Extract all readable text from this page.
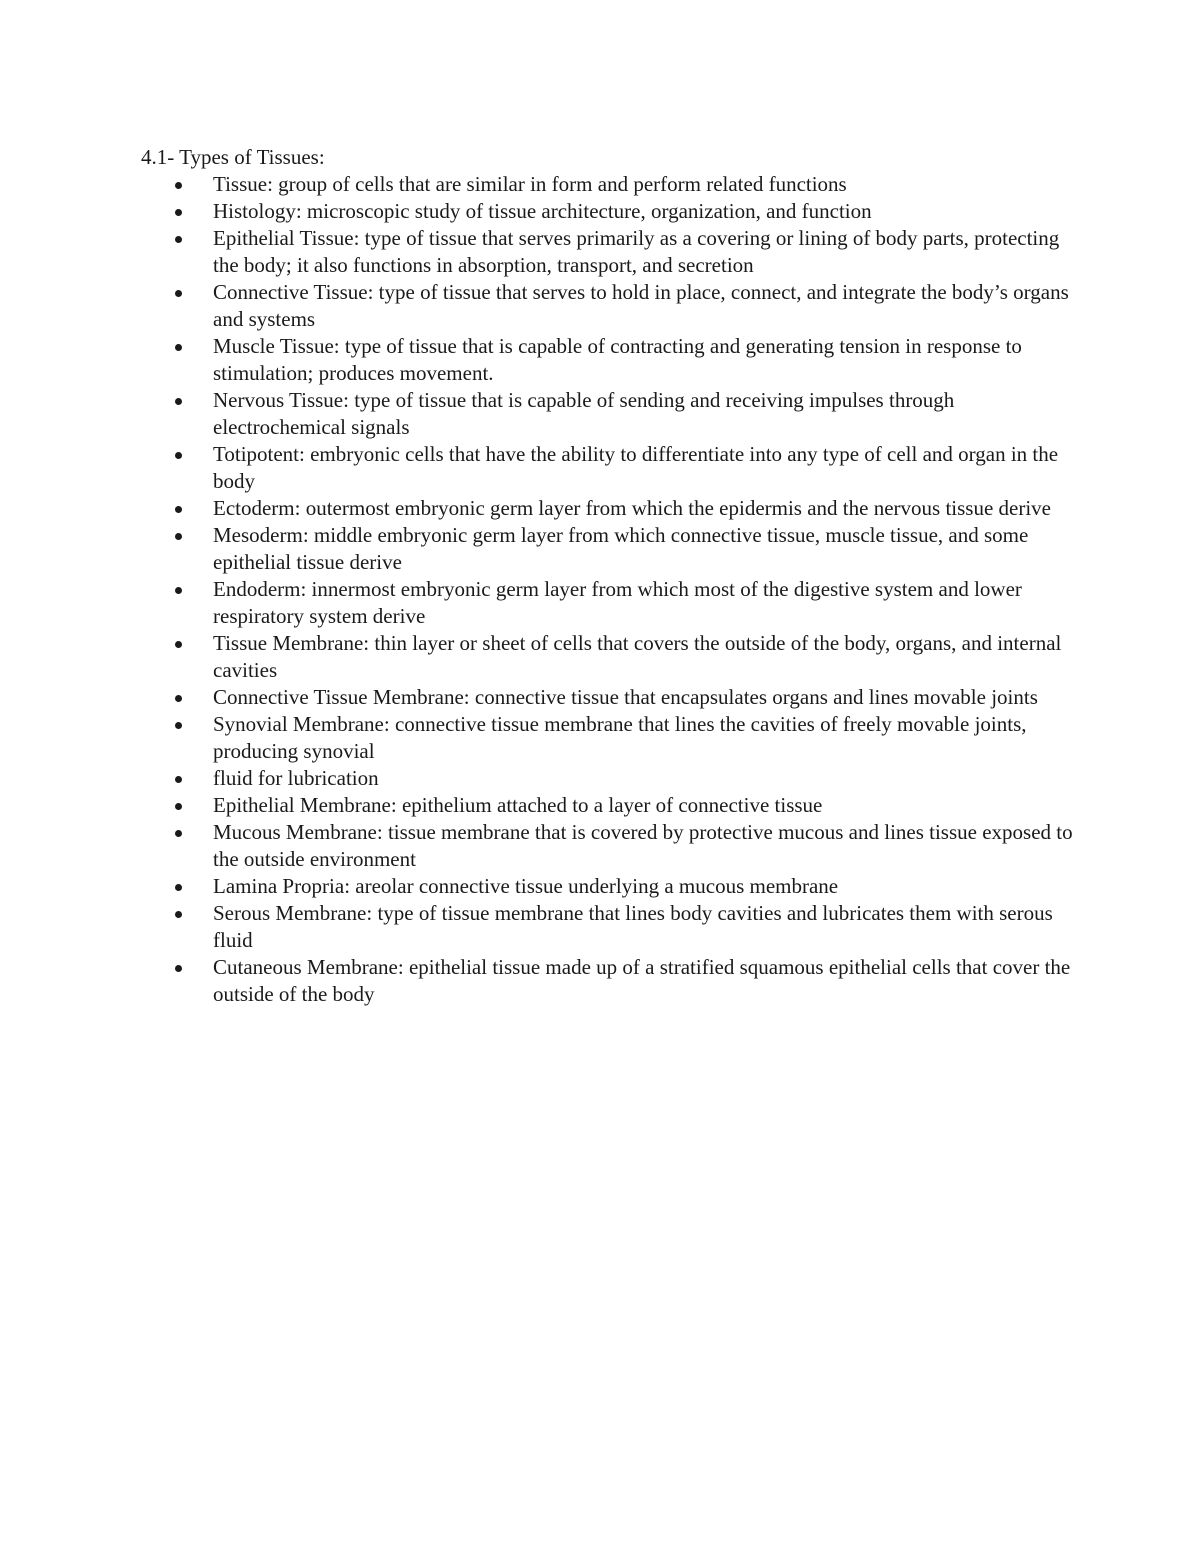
4.1- Types of Tissues:
Tissue: group of cells that are similar in form and perform related functions
Histology: microscopic study of tissue architecture, organization, and function
Epithelial Tissue: type of tissue that serves primarily as a covering or lining of body parts, protecting the body; it also functions in absorption, transport, and secretion
Connective Tissue: type of tissue that serves to hold in place, connect, and integrate the body’s organs and systems
Muscle Tissue: type of tissue that is capable of contracting and generating tension in response to stimulation; produces movement.
Nervous Tissue: type of tissue that is capable of sending and receiving impulses through electrochemical signals
Totipotent: embryonic cells that have the ability to differentiate into any type of cell and organ in the body
Ectoderm: outermost embryonic germ layer from which the epidermis and the nervous tissue derive
Mesoderm: middle embryonic germ layer from which connective tissue, muscle tissue, and some epithelial tissue derive
Endoderm: innermost embryonic germ layer from which most of the digestive system and lower respiratory system derive
Tissue Membrane: thin layer or sheet of cells that covers the outside of the body, organs, and internal cavities
Connective Tissue Membrane: connective tissue that encapsulates organs and lines movable joints
Synovial Membrane: connective tissue membrane that lines the cavities of freely movable joints, producing synovial
fluid for lubrication
Epithelial Membrane: epithelium attached to a layer of connective tissue
Mucous Membrane: tissue membrane that is covered by protective mucous and lines tissue exposed to the outside environment
Lamina Propria: areolar connective tissue underlying a mucous membrane
Serous Membrane: type of tissue membrane that lines body cavities and lubricates them with serous fluid
Cutaneous Membrane: epithelial tissue made up of a stratified squamous epithelial cells that cover the outside of the body
